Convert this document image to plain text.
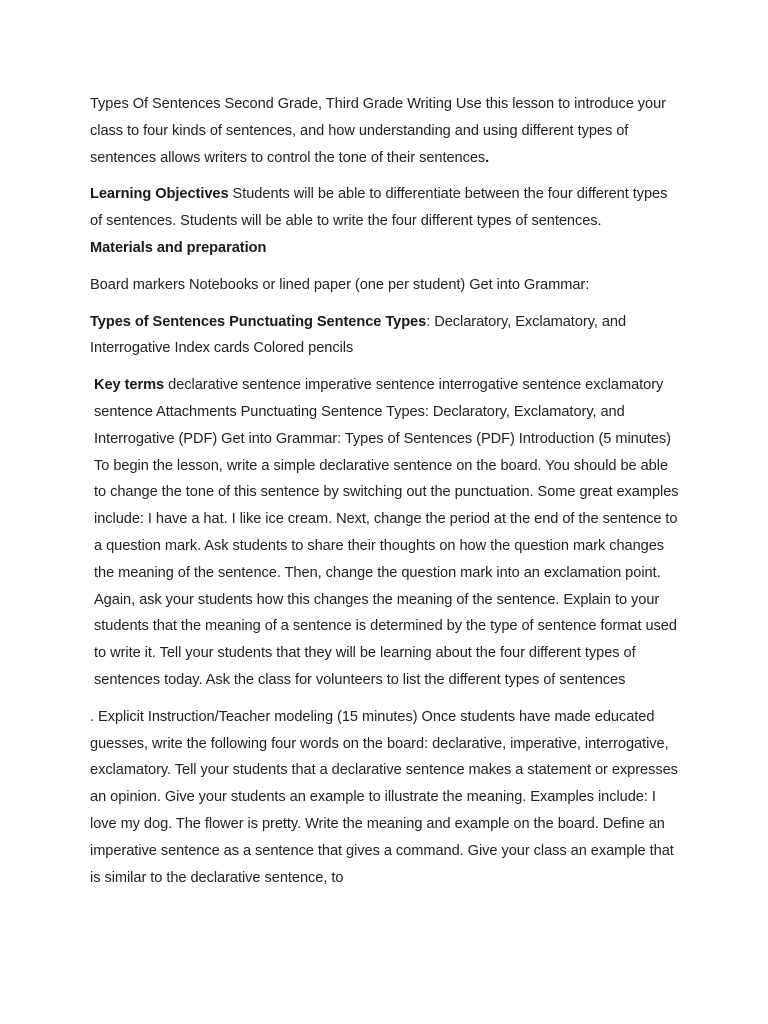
Types Of Sentences Second Grade, Third Grade Writing Use this lesson to introduce your class to four kinds of sentences, and how understanding and using different types of sentences allows writers to control the tone of their sentences.

Learning Objectives Students will be able to differentiate between the four different types of sentences. Students will be able to write the four different types of sentences.

Materials and preparation

Board markers Notebooks or lined paper (one per student) Get into Grammar:

Types of Sentences Punctuating Sentence Types: Declaratory, Exclamatory, and Interrogative Index cards Colored pencils

Key terms declarative sentence imperative sentence interrogative sentence exclamatory sentence Attachments Punctuating Sentence Types: Declaratory, Exclamatory, and Interrogative (PDF) Get into Grammar: Types of Sentences (PDF) Introduction (5 minutes) To begin the lesson, write a simple declarative sentence on the board. You should be able to change the tone of this sentence by switching out the punctuation. Some great examples include: I have a hat. I like ice cream. Next, change the period at the end of the sentence to a question mark. Ask students to share their thoughts on how the question mark changes the meaning of the sentence. Then, change the question mark into an exclamation point. Again, ask your students how this changes the meaning of the sentence. Explain to your students that the meaning of a sentence is determined by the type of sentence format used to write it. Tell your students that they will be learning about the four different types of sentences today. Ask the class for volunteers to list the different types of sentences

. Explicit Instruction/Teacher modeling (15 minutes) Once students have made educated guesses, write the following four words on the board: declarative, imperative, interrogative, exclamatory. Tell your students that a declarative sentence makes a statement or expresses an opinion. Give your students an example to illustrate the meaning. Examples include: I love my dog. The flower is pretty. Write the meaning and example on the board. Define an imperative sentence as a sentence that gives a command. Give your class an example that is similar to the declarative sentence, to
